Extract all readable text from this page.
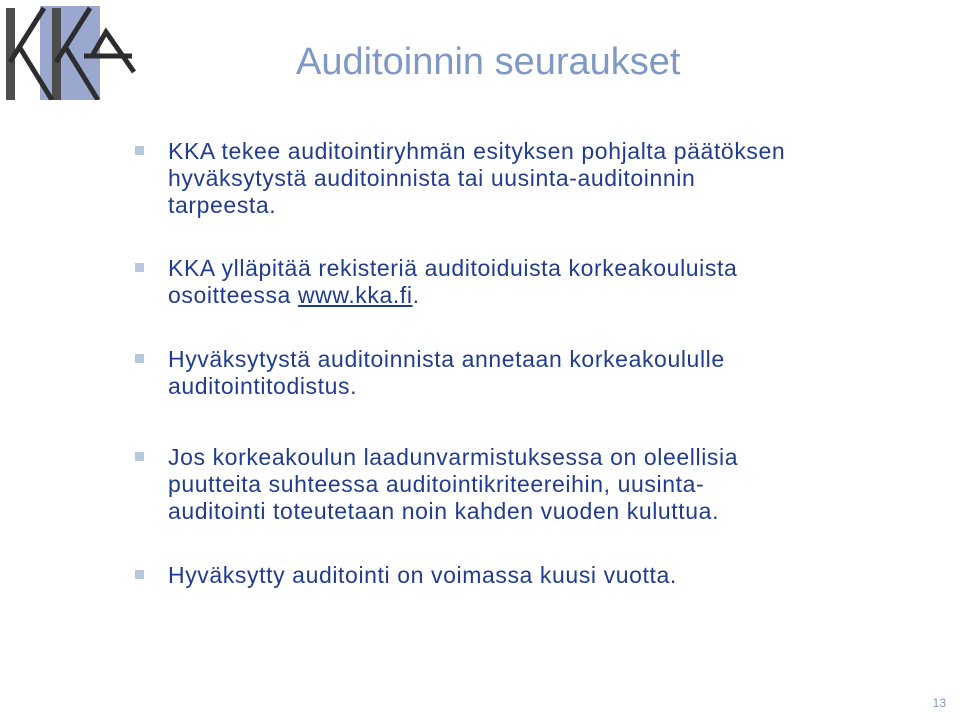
Auditoinnin seuraukset
KKA tekee auditointiryhmän esityksen pohjalta päätöksen
hyväksytystä auditoinnista tai uusinta-auditoinnin
tarpeesta.
KKA ylläpitää rekisteriä auditoiduista korkeakouluista
osoitteessa www.kka.fi.
Hyväksytystä auditoinnista annetaan korkeakoululle
auditointitodistus.
Jos korkeakoulun laadunvarmistuksessa on oleellisia
puutteita suhteessa auditointikriteereihin, uusinta-
auditointi toteutetaan noin kahden vuoden kuluttua.
Hyväksytty auditointi on voimassa kuusi vuotta.
13
